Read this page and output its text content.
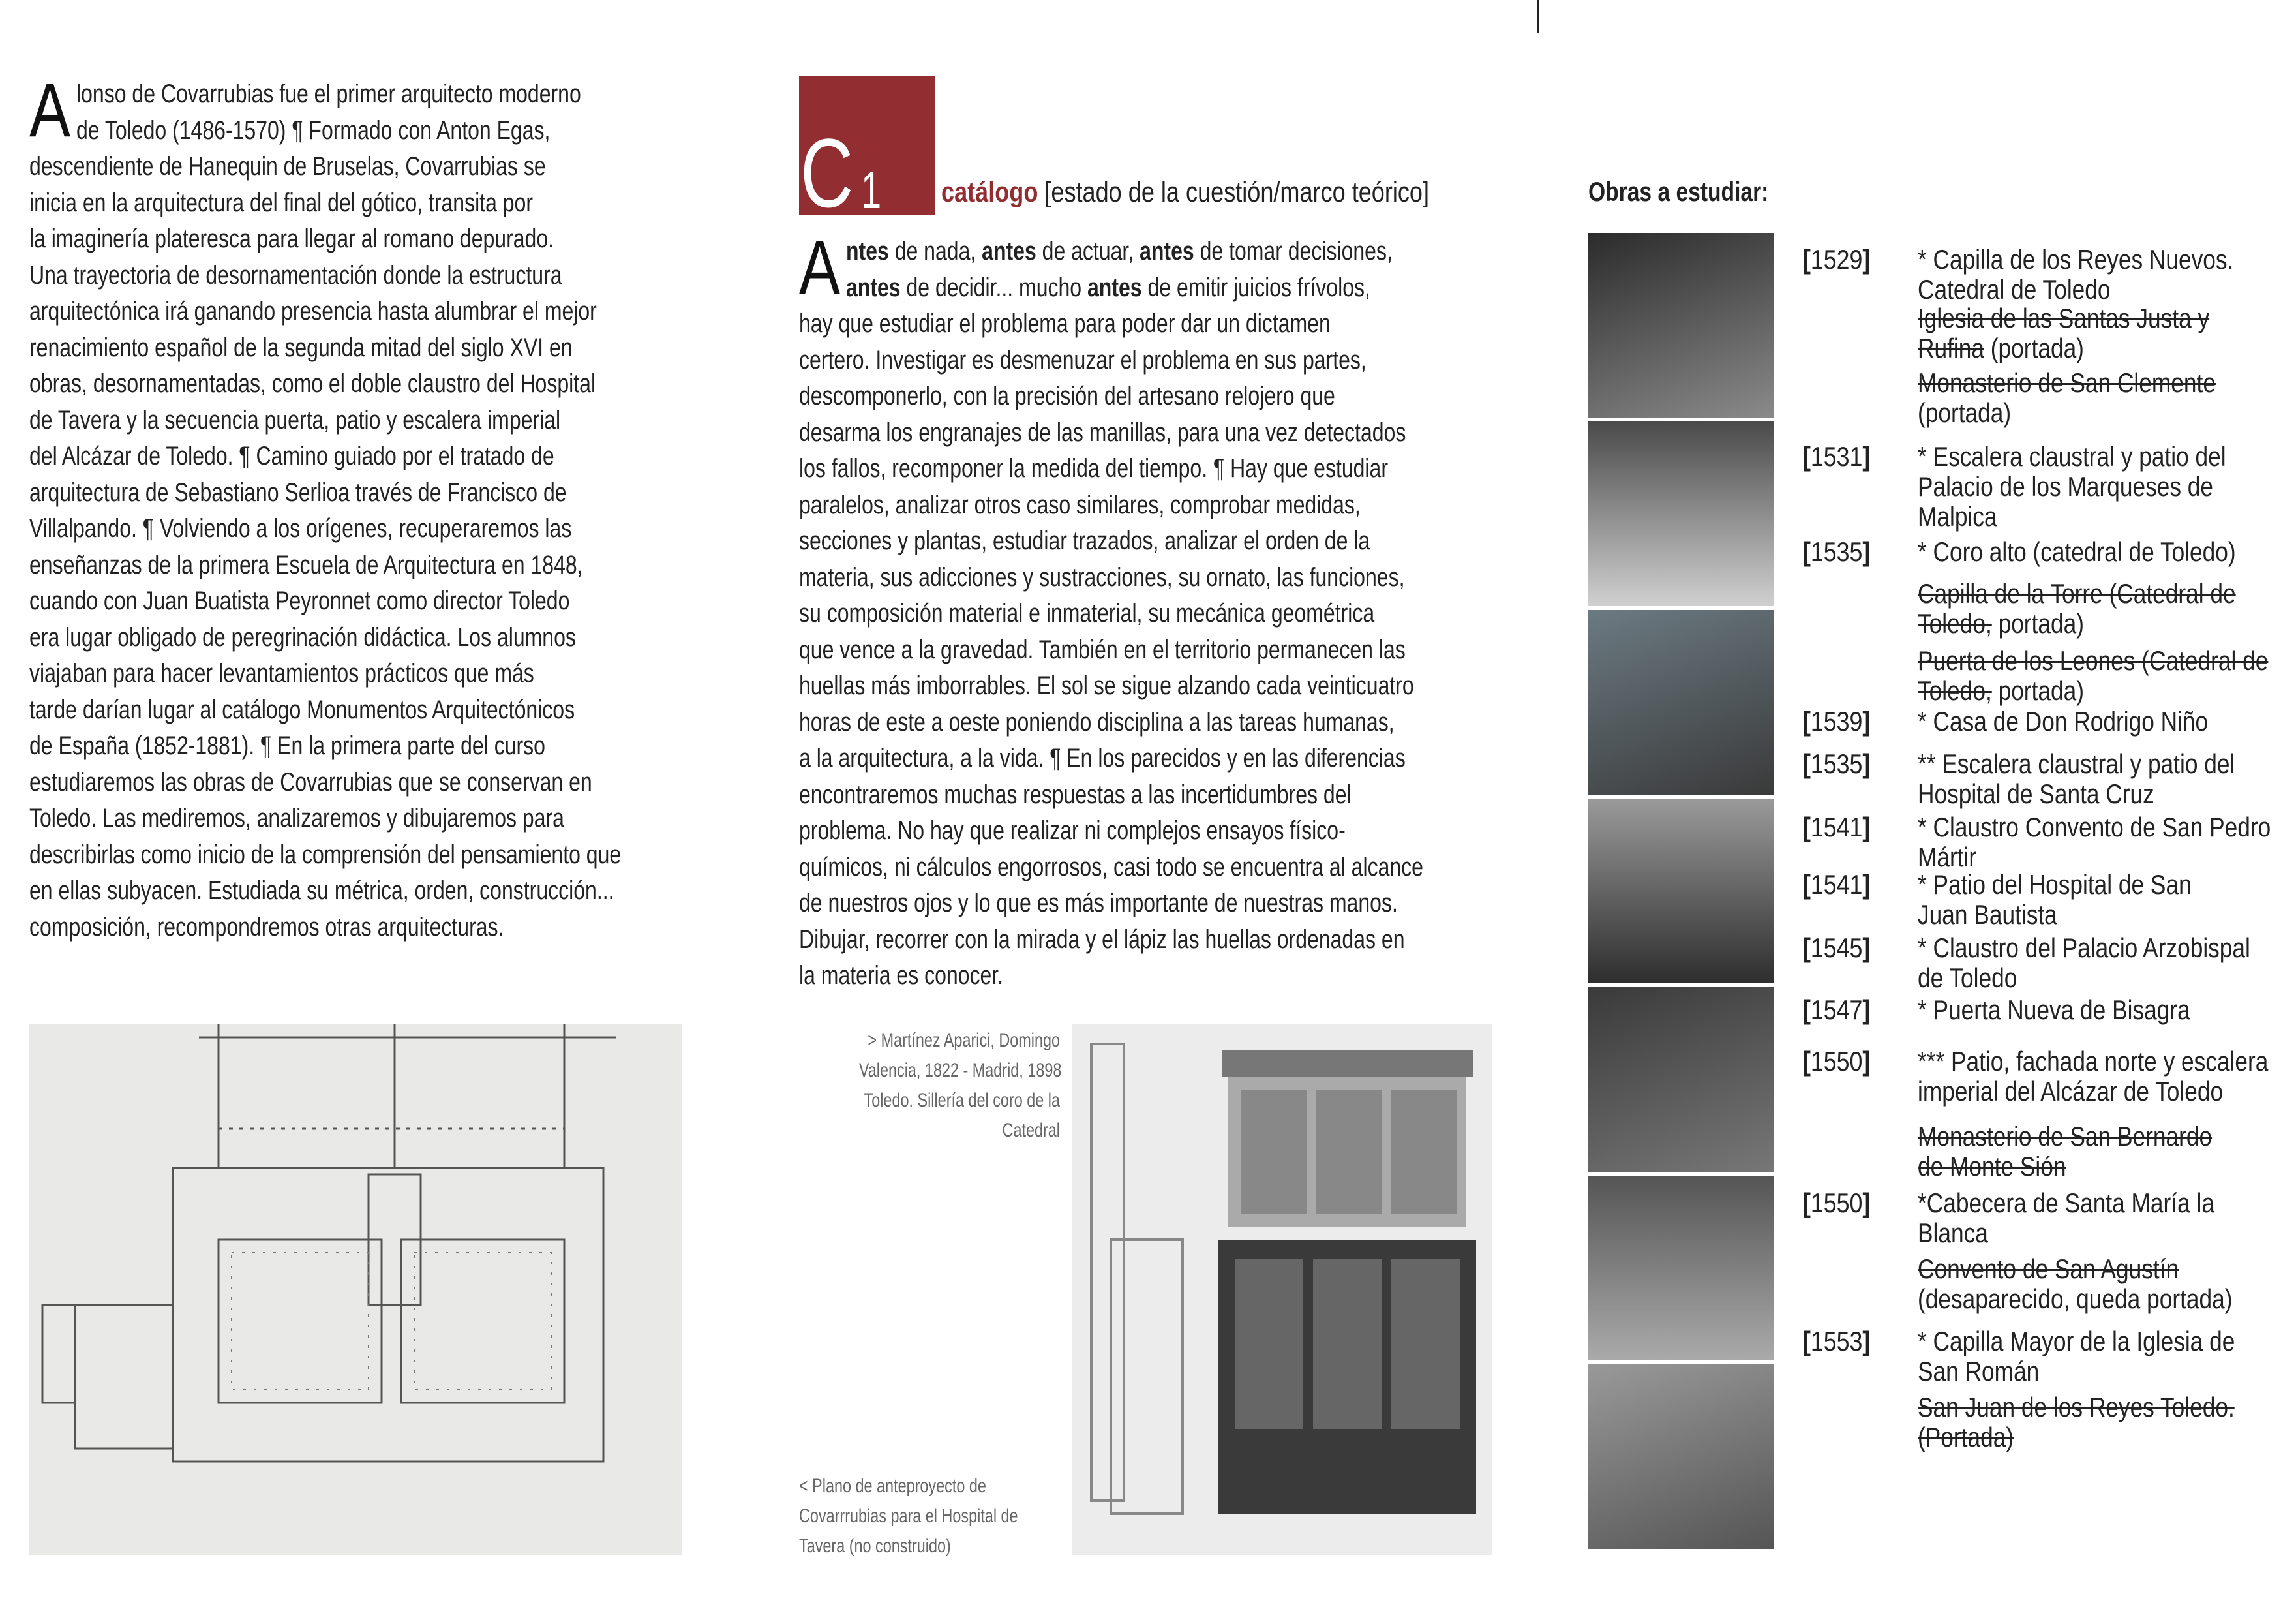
A lonso de Covarrubias fue el primer arquitecto moderno
de Toledo (1486-1570) ¶ Formado con Anton Egas,
descendiente de Hanequin de Bruselas, Covarrubias se
inicia en la arquitectura del final del gótico, transita por
la imaginería plateresca para llegar al romano depurado.
Una trayectoria de desornamentación donde la estructura
arquitectónica irá ganando presencia hasta alumbrar el mejor
renacimiento español de la segunda mitad del siglo XVI en
obras, desornamentadas, como el doble claustro del Hospital
de Tavera y la secuencia puerta, patio y escalera imperial
del Alcázar de Toledo. ¶ Camino guiado por el tratado de
arquitectura de Sebastiano Serlioa través de Francisco de
Villalpando. ¶ Volviendo a los orígenes, recuperaremos las
enseñanzas de la primera Escuela de Arquitectura en 1848,
cuando con Juan Buatista Peyronnet como director Toledo
era lugar obligado de peregrinación didáctica. Los alumnos
viajaban para hacer levantamientos prácticos que más
tarde darían lugar al catálogo Monumentos Arquitectónicos
de España (1852-1881). ¶ En la primera parte del curso
estudiaremos las obras de Covarrubias que se conservan en
Toledo. Las mediremos, analizaremos y dibujaremos para
describirlas como inicio de la comprensión del pensamiento que
en ellas subyacen. Estudiada su métrica, orden, construcción...
composición, recompondremos otras arquitecturas.
C 1 catálogo [estado de la cuestión/marco teórico]
A ntes de nada, antes de actuar, antes de tomar decisiones,
antes de decidir... mucho antes de emitir juicios frívolos,
hay que estudiar el problema para poder dar un dictamen
certero. Investigar es desmenuzar el problema en sus partes,
descomponerlo, con la precisión del artesano relojero que
desarma los engranajes de las manillas, para una vez detectados
los fallos, recomponer la medida del tiempo. ¶ Hay que estudiar
paralelos, analizar otros caso similares, comprobar medidas,
secciones y plantas, estudiar trazados, analizar el orden de la
materia, sus adicciones y sustracciones, su ornato, las funciones,
su composición material e inmaterial, su mecánica geométrica
que vence a la gravedad. También en el territorio permanecen las
huellas más imborrables. El sol se sigue alzando cada veinticuatro
horas de este a oeste poniendo disciplina a las tareas humanas,
a la arquitectura, a la vida. ¶ En los parecidos y en las diferencias
encontraremos muchas respuestas a las incertidumbres del
problema. No hay que realizar ni complejos ensayos físico-
químicos, ni cálculos engorrosos, casi todo se encuentra al alcance
de nuestros ojos y lo que es más importante de nuestras manos.
Dibujar, recorrer con la mirada y el lápiz las huellas ordenadas en
la materia es conocer.
> Martínez Aparici, Domingo
Valencia, 1822 - Madrid, 1898
Toledo. Sillería del coro de la
Catedral
< Plano de anteproyecto de
Covarrrubias para el Hospital de
Tavera (no construido)
Obras a estudiar:
[1529] * Capilla de los Reyes Nuevos.
Catedral de Toledo
Iglesia de las Santas Justa y
Rufina (portada)
Monasterio de San Clemente
(portada)
[1531] * Escalera claustral y patio del
Palacio de los Marqueses de
Malpica
[1535] * Coro alto (catedral de Toledo)
Capilla de la Torre (Catedral de
Toledo, portada)
Puerta de los Leones (Catedral de
Toledo, portada)
[1539] * Casa de Don Rodrigo Niño
[1535] ** Escalera claustral y patio del
Hospital de Santa Cruz
[1541] * Claustro Convento de San Pedro
Mártir
[1541] * Patio del Hospital de San
Juan Bautista
[1545] * Claustro del Palacio Arzobispal
de Toledo
[1547] * Puerta Nueva de Bisagra
[1550] *** Patio, fachada norte y escalera
imperial del Alcázar de Toledo
Monasterio de San Bernardo
de Monte Sión
[1550] *Cabecera de Santa María la
Blanca
Convento de San Agustín
(desaparecido, queda portada)
[1553] * Capilla Mayor de la Iglesia de
San Román
San Juan de los Reyes Toledo.
(Portada)
